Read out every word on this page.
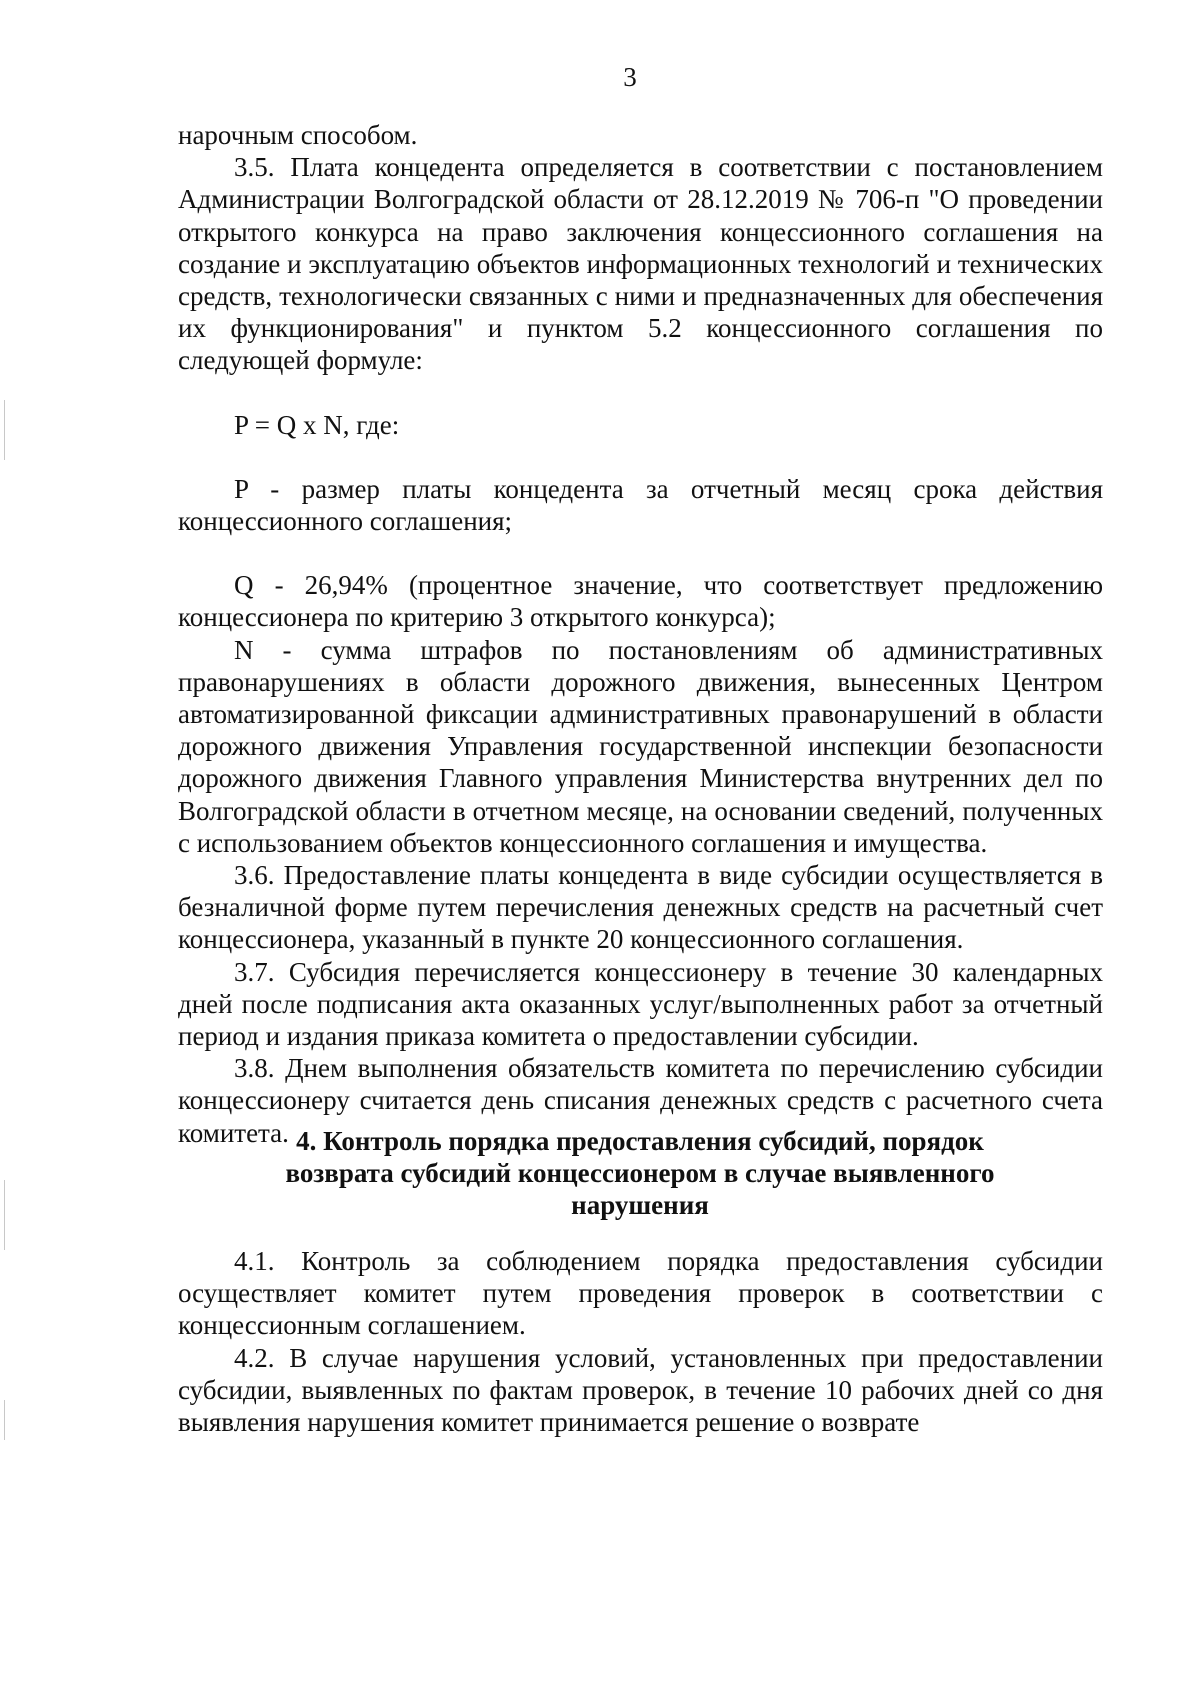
3

нарочным способом.

3.5. Плата концедента определяется в соответствии с постановлением Администрации Волгоградской области от 28.12.2019 № 706-п "О проведении открытого конкурса на право заключения концессионного соглашения на создание и эксплуатацию объектов информационных технологий и технических средств, технологически связанных с ними и предназначенных для обеспечения их функционирования" и пунктом 5.2 концессионного соглашения по следующей формуле:

P = Q x N, где:

P - размер платы концедента за отчетный месяц срока действия концессионного соглашения;

Q - 26,94% (процентное значение, что соответствует предложению концессионера по критерию 3 открытого конкурса);

N - сумма штрафов по постановлениям об административных правонарушениях в области дорожного движения, вынесенных Центром автоматизированной фиксации административных правонарушений в области дорожного движения Управления государственной инспекции безопасности дорожного движения Главного управления Министерства внутренних дел по Волгоградской области в отчетном месяце, на основании сведений, полученных с использованием объектов концессионного соглашения и имущества.

3.6. Предоставление платы концедента в виде субсидии осуществляется в безналичной форме путем перечисления денежных средств на расчетный счет концессионера, указанный в пункте 20 концессионного соглашения.

3.7. Субсидия перечисляется концессионеру в течение 30 календарных дней после подписания акта оказанных услуг/выполненных работ за отчетный период и издания приказа комитета о предоставлении субсидии.

3.8. Днем выполнения обязательств комитета по перечислению субсидии концессионеру считается день списания денежных средств с расчетного счета комитета. 4. Контроль порядка предоставления субсидий, порядок
возврата субсидий концессионером в случае выявленного
нарушения

4.1. Контроль за соблюдением порядка предоставления субсидии осуществляет комитет путем проведения проверок в соответствии с концессионным соглашением.

4.2. В случае нарушения условий, установленных при предоставлении субсидии, выявленных по фактам проверок, в течение 10 рабочих дней со дня выявления нарушения комитет принимается решение о возврате
